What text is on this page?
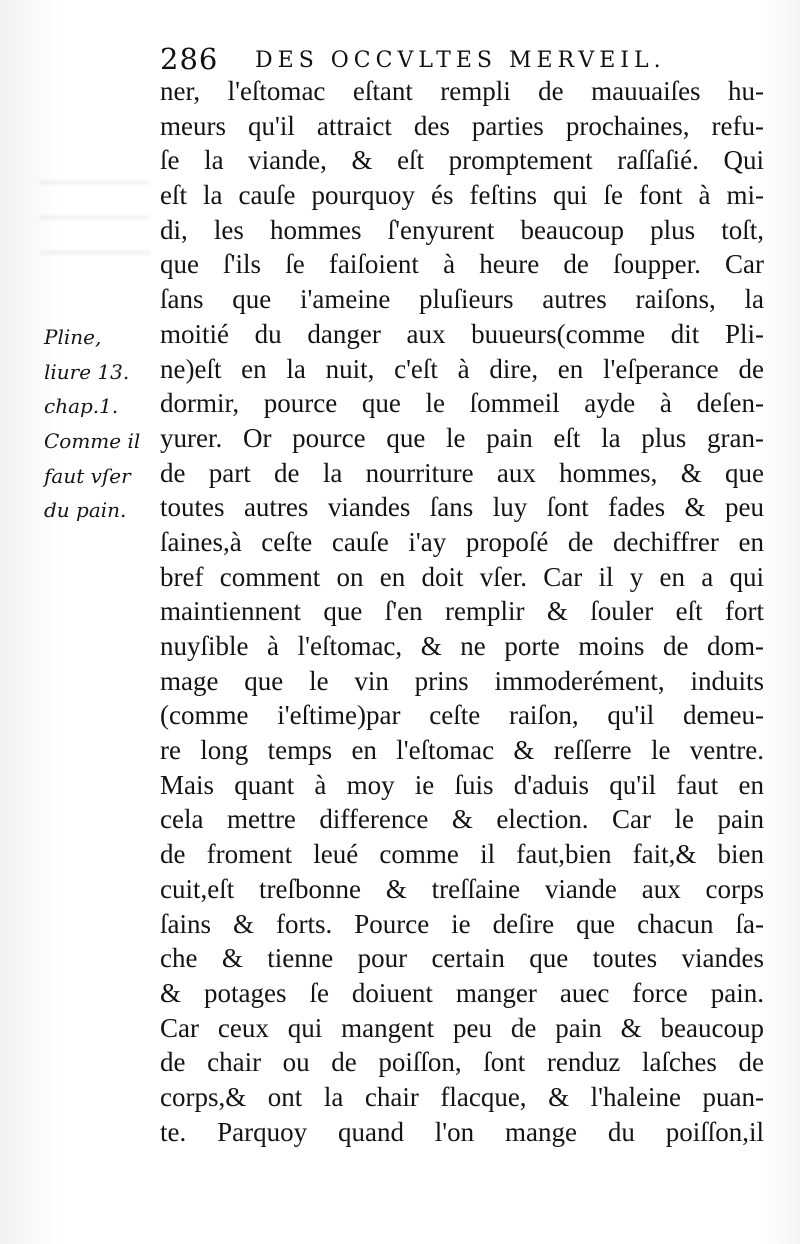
286 DES OCCVLTES MERVEIL.
Pline,
liure 13.
chap.1.
Comme il
faut vſer
du pain.
ner, l'eſtomac eſtant rempli de mauuaiſes hu-
meurs qu'il attraict des parties prochaines, refu-
ſe la viande, & eſt promptement raſſaſié. Qui
eſt la cauſe pourquoy és feſtins qui ſe font à mi-
di, les hommes ſ'enyurent beaucoup plus toſt,
que ſ'ils ſe faiſoient à heure de ſoupper. Car
ſans que i'ameine pluſieurs autres raiſons, la
moitié du danger aux buueurs(comme dit Pli-
ne)eſt en la nuit, c'eſt à dire, en l'eſperance de
dormir, pource que le ſommeil ayde à deſen-
yurer. Or pource que le pain eſt la plus gran-
de part de la nourriture aux hommes, & que
toutes autres viandes ſans luy ſont fades & peu
ſaines,à ceſte cauſe i'ay propoſé de dechiffrer en
bref comment on en doit vſer. Car il y en a qui
maintiennent que ſ'en remplir & ſouler eſt fort
nuyſible à l'eſtomac, & ne porte moins de dom-
mage que le vin prins immoderément, induits
(comme i'eſtime)par ceſte raiſon, qu'il demeu-
re long temps en l'eſtomac & reſſerre le ventre.
Mais quant à moy ie ſuis d'aduis qu'il faut en
cela mettre difference & election. Car le pain
de froment leué comme il faut,bien fait,& bien
cuit,eſt treſbonne & treſſaine viande aux corps
ſains & forts. Pource ie deſire que chacun ſa-
che & tienne pour certain que toutes viandes
& potages ſe doiuent manger auec force pain.
Car ceux qui mangent peu de pain & beaucoup
de chair ou de poiſſon, ſont renduz laſches de
corps,& ont la chair flacque, & l'haleine puan-
te. Parquoy quand l'on mange du poiſſon,il
